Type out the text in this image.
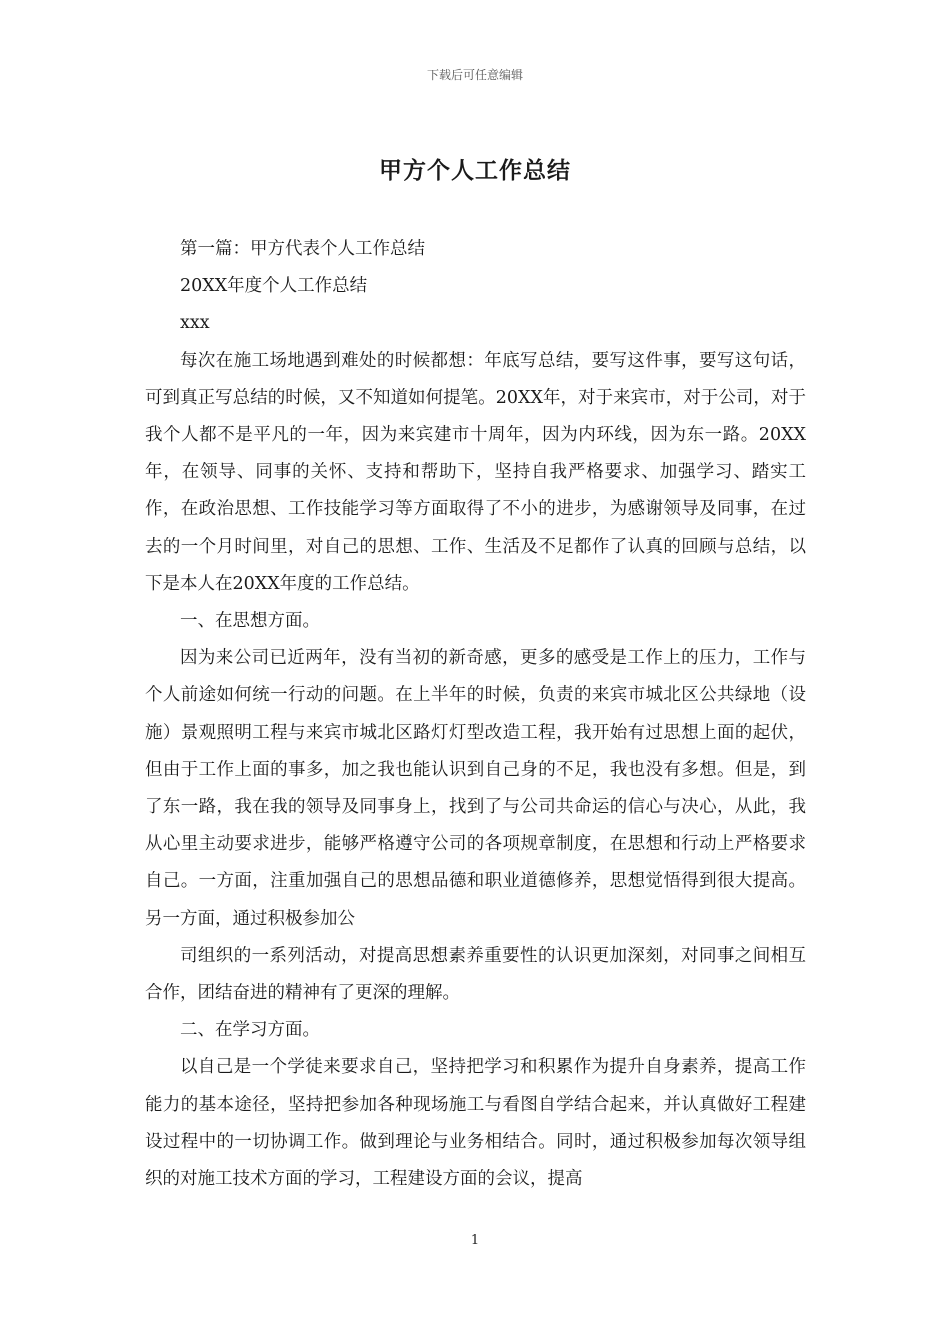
下载后可任意编辑
甲方个人工作总结

第一篇：甲方代表个人工作总结

20XX年度个人工作总结

xxx

每次在施工场地遇到难处的时候都想：年底写总结，要写这件事，要写这句话，可到真正写总结的时候，又不知道如何提笔。20XX年，对于来宾市，对于公司，对于我个人都不是平凡的一年，因为来宾建市十周年，因为内环线，因为东一路。20XX年，在领导、同事的关怀、支持和帮助下，坚持自我严格要求、加强学习、踏实工作，在政治思想、工作技能学习等方面取得了不小的进步，为感谢领导及同事，在过去的一个月时间里，对自己的思想、工作、生活及不足都作了认真的回顾与总结，以下是本人在20XX年度的工作总结。

一、在思想方面。

因为来公司已近两年，没有当初的新奇感，更多的感受是工作上的压力，工作与个人前途如何统一行动的问题。在上半年的时候，负责的来宾市城北区公共绿地（设施）景观照明工程与来宾市城北区路灯灯型改造工程，我开始有过思想上面的起伏，但由于工作上面的事多，加之我也能认识到自己身的不足，我也没有多想。但是，到了东一路，我在我的领导及同事身上，找到了与公司共命运的信心与决心，从此，我从心里主动要求进步，能够严格遵守公司的各项规章制度，在思想和行动上严格要求自己。一方面，注重加强自己的思想品德和职业道德修养，思想觉悟得到很大提高。另一方面，通过积极参加公

司组织的一系列活动，对提高思想素养重要性的认识更加深刻，对同事之间相互合作，团结奋进的精神有了更深的理解。

二、在学习方面。

以自己是一个学徒来要求自己，坚持把学习和积累作为提升自身素养，提高工作能力的基本途径，坚持把参加各种现场施工与看图自学结合起来，并认真做好工程建设过程中的一切协调工作。做到理论与业务相结合。同时，通过积极参加每次领导组织的对施工技术方面的学习，工程建设方面的会议，提高

1
